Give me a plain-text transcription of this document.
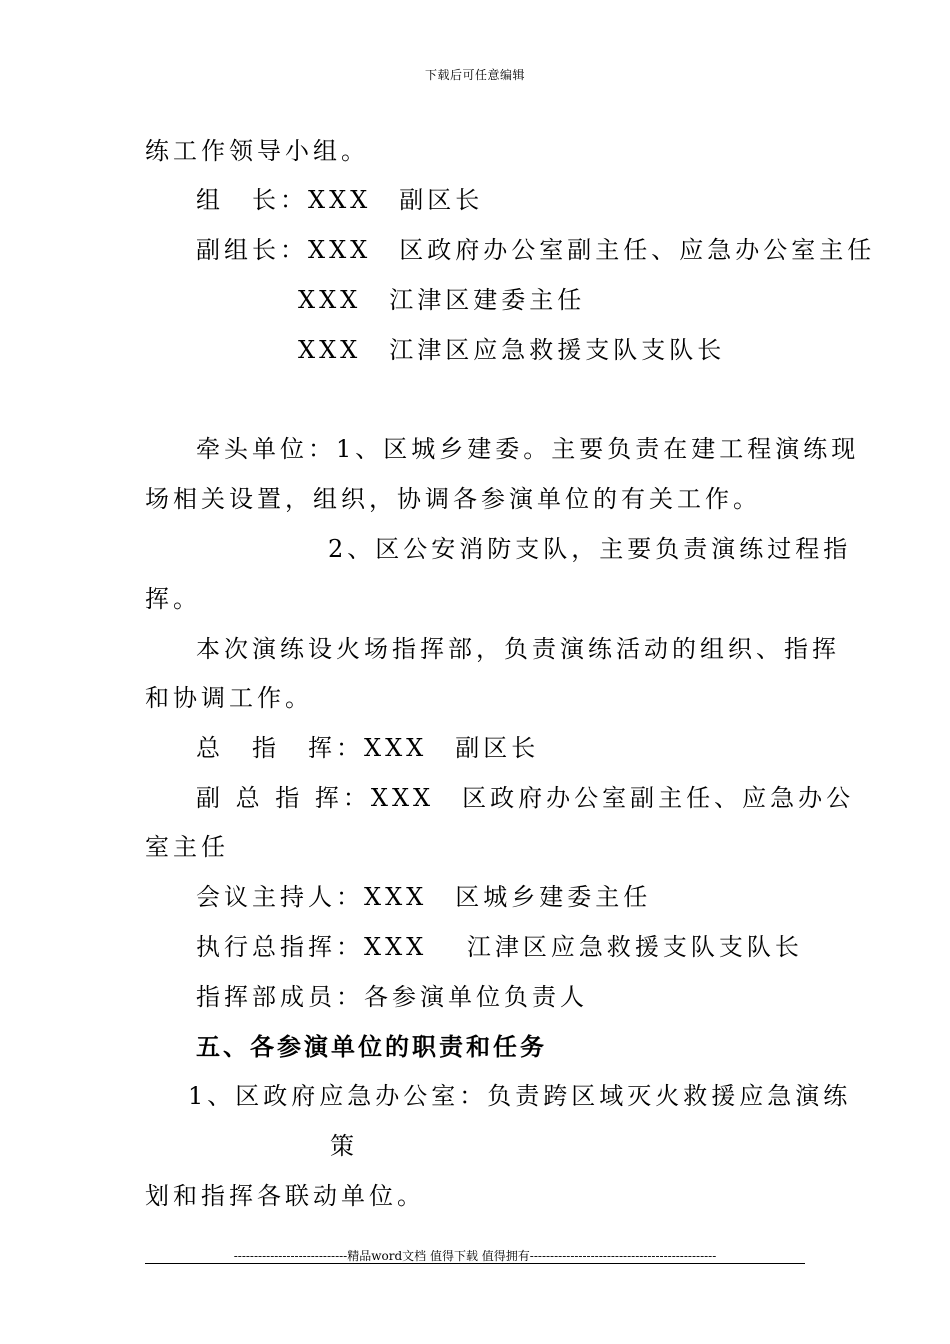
下载后可任意编辑
练工作领导小组。
组　长：XXX　副区长
副组长：XXX　区政府办公室副主任、应急办公室主任
XXX　江津区建委主任
XXX　江津区应急救援支队支队长
牵头单位：1、区城乡建委。主要负责在建工程演练现
场相关设置，组织，协调各参演单位的有关工作。
2、区公安消防支队，主要负责演练过程指
挥。
本次演练设火场指挥部，负责演练活动的组织、指挥
和协调工作。
总　指　挥：XXX　副区长
副 总 指 挥：XXX　区政府办公室副主任、应急办公
室主任
会议主持人：XXX　区城乡建委主任
执行总指挥：XXX　 江津区应急救援支队支队长
指挥部成员：各参演单位负责人
五、各参演单位的职责和任务
1、区政府应急办公室：负责跨区域灭火救援应急演练
策
划和指挥各联动单位。
----------------------------精品word文档 值得下载 值得拥有----------------------------------------------
